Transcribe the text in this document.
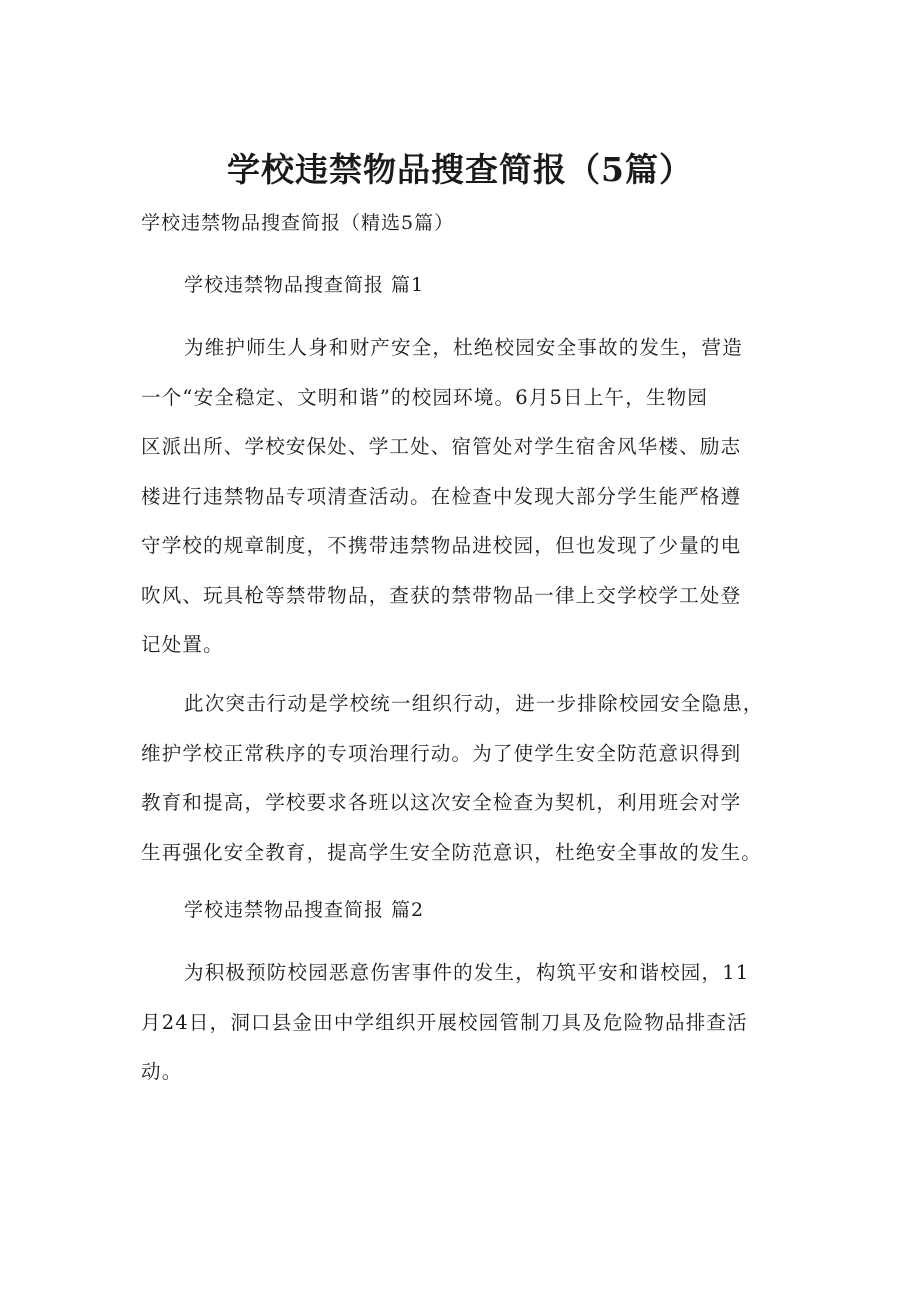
学校违禁物品搜查简报（5篇）
学校违禁物品搜查简报（精选5篇）
学校违禁物品搜查简报 篇1
为维护师生人身和财产安全，杜绝校园安全事故的发生，营造
一个“安全稳定、文明和谐”的校园环境。6月5日上午，生物园
区派出所、学校安保处、学工处、宿管处对学生宿舍风华楼、励志
楼进行违禁物品专项清查活动。在检查中发现大部分学生能严格遵
守学校的规章制度，不携带违禁物品进校园，但也发现了少量的电
吹风、玩具枪等禁带物品，查获的禁带物品一律上交学校学工处登
记处置。
此次突击行动是学校统一组织行动，进一步排除校园安全隐患，
维护学校正常秩序的专项治理行动。为了使学生安全防范意识得到
教育和提高，学校要求各班以这次安全检查为契机，利用班会对学
生再强化安全教育，提高学生安全防范意识，杜绝安全事故的发生。
学校违禁物品搜查简报 篇2
为积极预防校园恶意伤害事件的发生，构筑平安和谐校园，11
月24日，洞口县金田中学组织开展校园管制刀具及危险物品排查活
动。
